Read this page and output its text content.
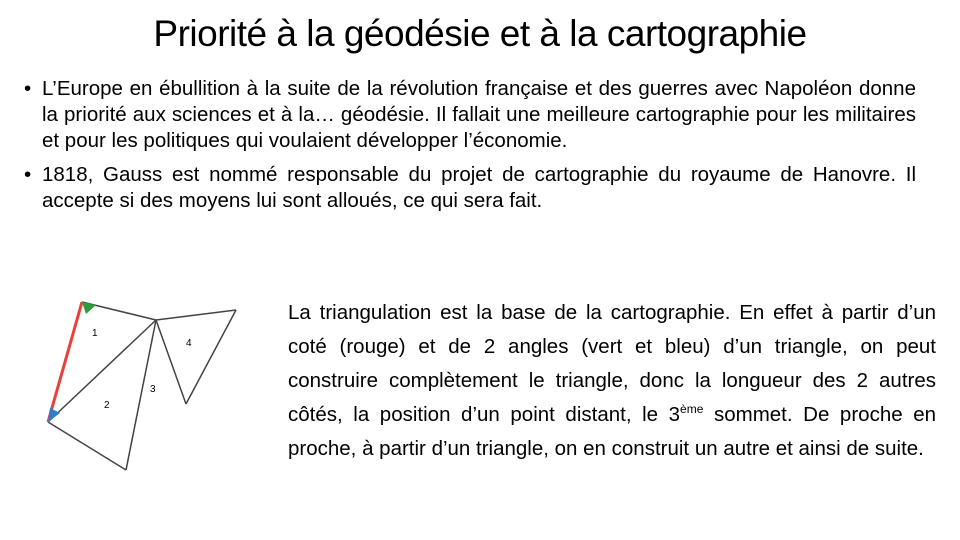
Priorité à la géodésie et à la cartographie
• L’Europe en ébullition à la suite de la révolution française et des guerres avec Napoléon donne la priorité aux sciences et à la… géodésie. Il fallait une meilleure cartographie pour les militaires et pour les politiques qui voulaient développer l’économie.
• 1818, Gauss est nommé responsable du projet de cartographie du royaume de Hanovre. Il accepte si des moyens lui sont alloués, ce qui sera fait.
1
2
3
4

La triangulation est la base de la cartographie. En effet à partir d’un coté (rouge) et de 2 angles (vert et bleu) d’un triangle, on peut construire complètement le triangle, donc la longueur des 2 autres côtés, la position d’un point distant, le 3ème sommet. De proche en proche, à partir d’un triangle, on en construit un autre et ainsi de suite.
